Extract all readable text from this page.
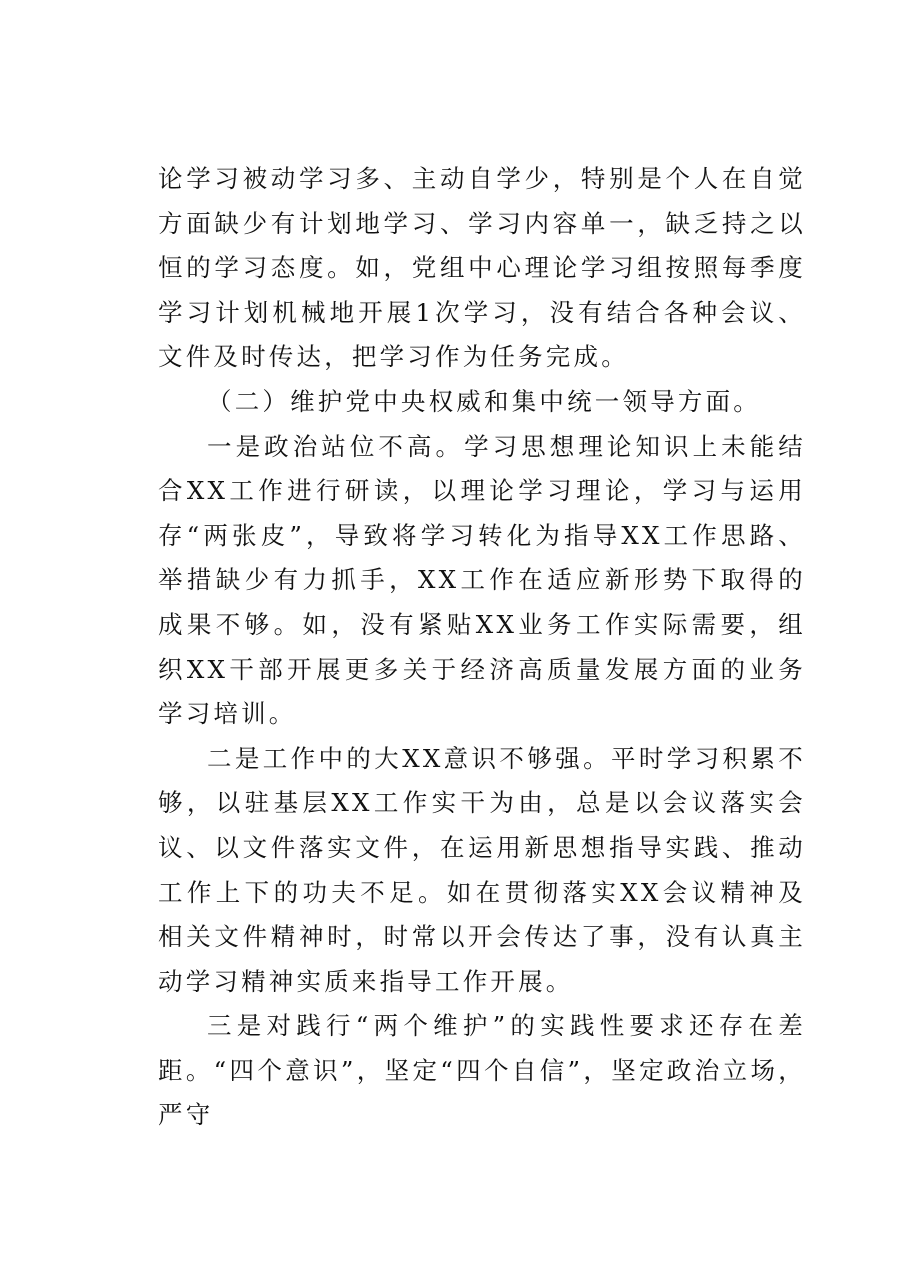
论学习被动学习多、主动自学少，特别是个人在自觉方面缺少有计划地学习、学习内容单一，缺乏持之以恒的学习态度。如，党组中心理论学习组按照每季度学习计划机械地开展1次学习，没有结合各种会议、文件及时传达，把学习作为任务完成。

（二）维护党中央权威和集中统一领导方面。

一是政治站位不高。学习思想理论知识上未能结合XX工作进行研读，以理论学习理论，学习与运用存“两张皮”，导致将学习转化为指导XX工作思路、举措缺少有力抓手，XX工作在适应新形势下取得的成果不够。如，没有紧贴XX业务工作实际需要，组织XX干部开展更多关于经济高质量发展方面的业务学习培训。

二是工作中的大XX意识不够强。平时学习积累不够，以驻基层XX工作实干为由，总是以会议落实会议、以文件落实文件，在运用新思想指导实践、推动工作上下的功夫不足。如在贯彻落实XX会议精神及相关文件精神时，时常以开会传达了事，没有认真主动学习精神实质来指导工作开展。

三是对践行“两个维护”的实践性要求还存在差距。“四个意识”，坚定“四个自信”，坚定政治立场，严守
